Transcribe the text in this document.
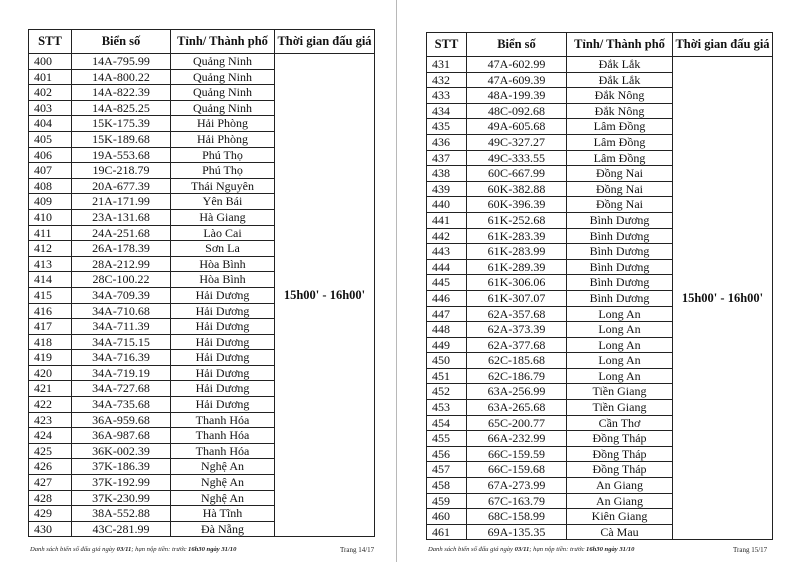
STT	Biển số	Tỉnh/ Thành phố	Thời gian đấu giá
400	14A-795.99	Quảng Ninh	15h00' - 16h00'
401	14A-800.22	Quảng Ninh	
402	14A-822.39	Quảng Ninh	
403	14A-825.25	Quảng Ninh	
404	15K-175.39	Hải Phòng	
405	15K-189.68	Hải Phòng	
406	19A-553.68	Phú Thọ	
407	19C-218.79	Phú Thọ	
408	20A-677.39	Thái Nguyên	
409	21A-171.99	Yên Bái	
410	23A-131.68	Hà Giang	
411	24A-251.68	Lào Cai	
412	26A-178.39	Sơn La	
413	28A-212.99	Hòa Bình	
414	28C-100.22	Hòa Bình	
415	34A-709.39	Hải Dương	
416	34A-710.68	Hải Dương	
417	34A-711.39	Hải Dương	
418	34A-715.15	Hải Dương	
419	34A-716.39	Hải Dương	
420	34A-719.19	Hải Dương	
421	34A-727.68	Hải Dương	
422	34A-735.68	Hải Dương	
423	36A-959.68	Thanh Hóa	
424	36A-987.68	Thanh Hóa	
425	36K-002.39	Thanh Hóa	
426	37K-186.39	Nghệ An	
427	37K-192.99	Nghệ An	
428	37K-230.99	Nghệ An	
429	38A-552.88	Hà Tĩnh	
430	43C-281.99	Đà Nẵng	
Danh sách biển số đấu giá ngày 03/11; hạn nộp tiền: trước 16h30 ngày 31/10	Trang 14/17
STT	Biển số	Tỉnh/ Thành phố	Thời gian đấu giá
431	47A-602.99	Đắk Lắk	15h00' - 16h00'
432	47A-609.39	Đắk Lắk	
433	48A-199.39	Đắk Nông	
434	48C-092.68	Đắk Nông	
435	49A-605.68	Lâm Đồng	
436	49C-327.27	Lâm Đồng	
437	49C-333.55	Lâm Đồng	
438	60C-667.99	Đồng Nai	
439	60K-382.88	Đồng Nai	
440	60K-396.39	Đồng Nai	
441	61K-252.68	Bình Dương	
442	61K-283.39	Bình Dương	
443	61K-283.99	Bình Dương	
444	61K-289.39	Bình Dương	
445	61K-306.06	Bình Dương	
446	61K-307.07	Bình Dương	
447	62A-357.68	Long An	
448	62A-373.39	Long An	
449	62A-377.68	Long An	
450	62C-185.68	Long An	
451	62C-186.79	Long An	
452	63A-256.99	Tiền Giang	
453	63A-265.68	Tiền Giang	
454	65C-200.77	Cần Thơ	
455	66A-232.99	Đồng Tháp	
456	66C-159.59	Đồng Tháp	
457	66C-159.68	Đồng Tháp	
458	67A-273.99	An Giang	
459	67C-163.79	An Giang	
460	68C-158.99	Kiên Giang	
461	69A-135.35	Cà Mau	
Danh sách biển số đấu giá ngày 03/11; hạn nộp tiền: trước 16h30 ngày 31/10	Trang 15/17
